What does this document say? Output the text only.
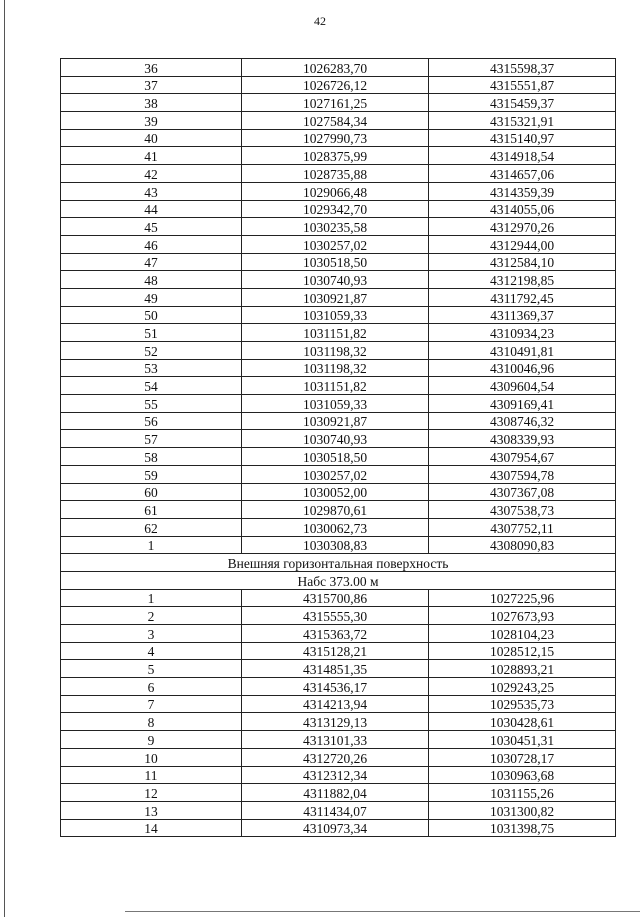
42
36	1026283,70	4315598,37
37	1026726,12	4315551,87
38	1027161,25	4315459,37
39	1027584,34	4315321,91
40	1027990,73	4315140,97
41	1028375,99	4314918,54
42	1028735,88	4314657,06
43	1029066,48	4314359,39
44	1029342,70	4314055,06
45	1030235,58	4312970,26
46	1030257,02	4312944,00
47	1030518,50	4312584,10
48	1030740,93	4312198,85
49	1030921,87	4311792,45
50	1031059,33	4311369,37
51	1031151,82	4310934,23
52	1031198,32	4310491,81
53	1031198,32	4310046,96
54	1031151,82	4309604,54
55	1031059,33	4309169,41
56	1030921,87	4308746,32
57	1030740,93	4308339,93
58	1030518,50	4307954,67
59	1030257,02	4307594,78
60	1030052,00	4307367,08
61	1029870,61	4307538,73
62	1030062,73	4307752,11
1	1030308,83	4308090,83
Внешняя горизонтальная поверхность		
Набс 373.00 м		
1	4315700,86	1027225,96
2	4315555,30	1027673,93
3	4315363,72	1028104,23
4	4315128,21	1028512,15
5	4314851,35	1028893,21
6	4314536,17	1029243,25
7	4314213,94	1029535,73
8	4313129,13	1030428,61
9	4313101,33	1030451,31
10	4312720,26	1030728,17
11	4312312,34	1030963,68
12	4311882,04	1031155,26
13	4311434,07	1031300,82
14	4310973,34	1031398,75
